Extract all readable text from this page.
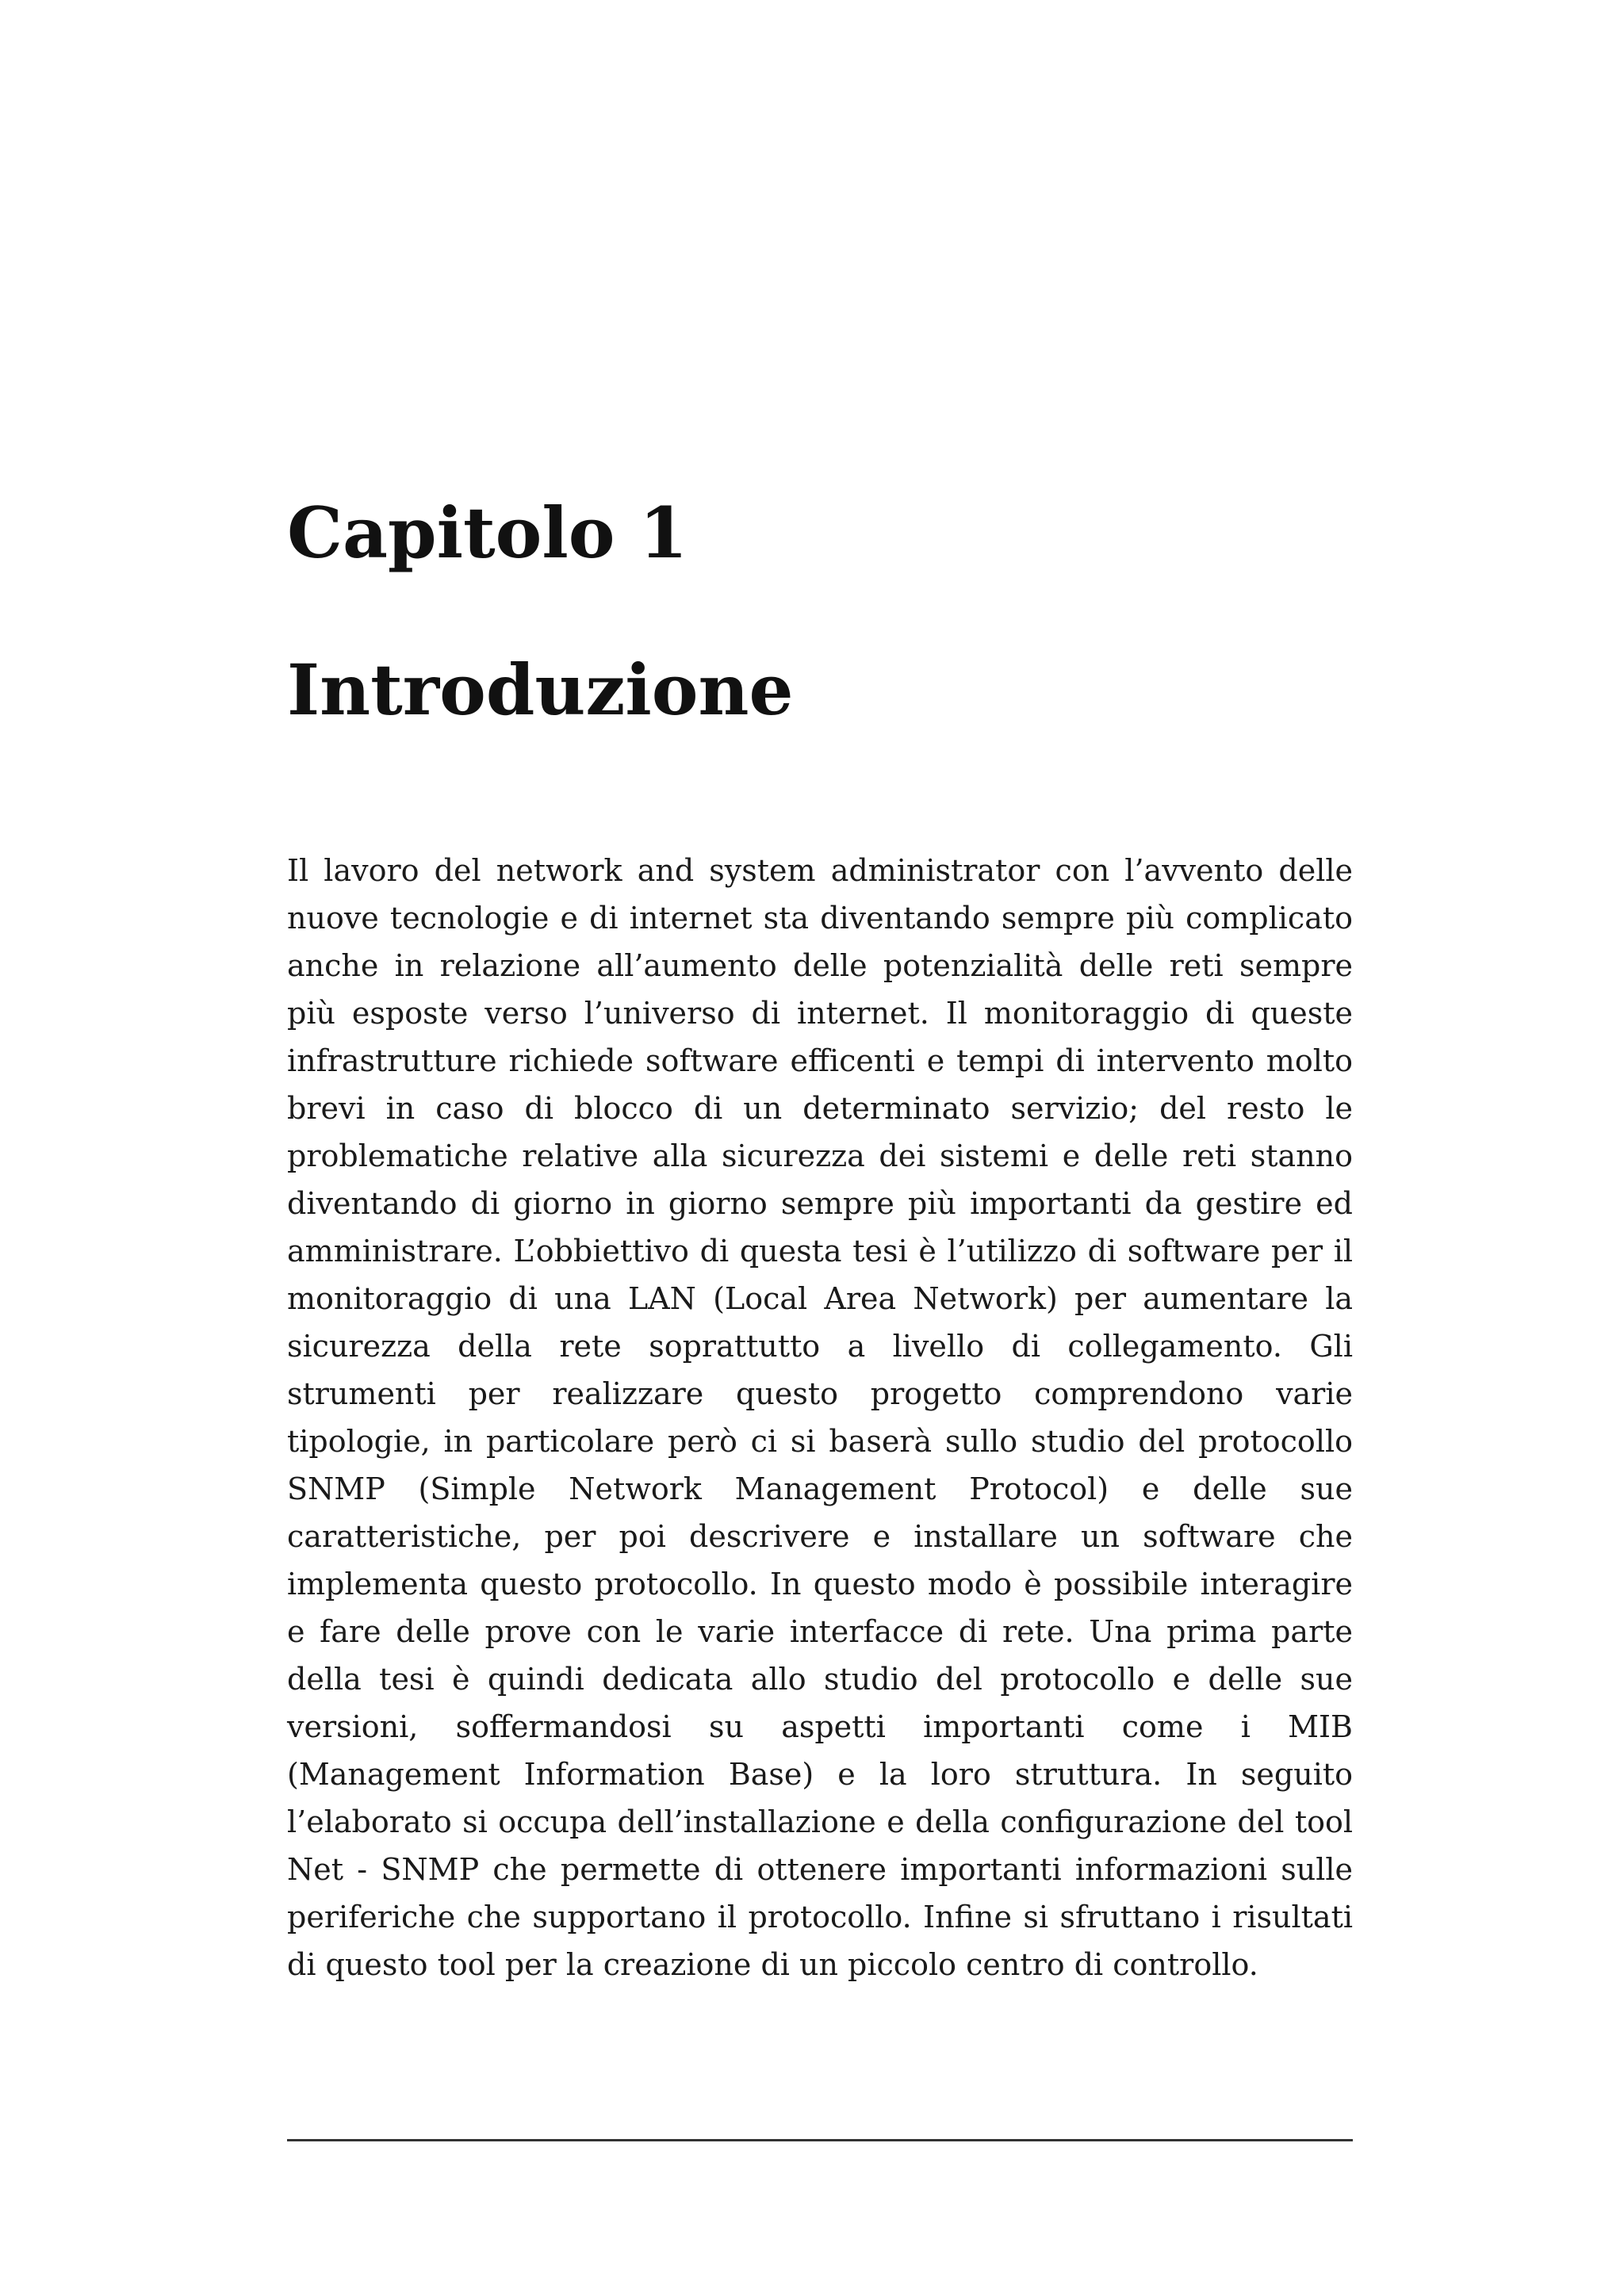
Capitolo 1
Introduzione

Il lavoro del network and system administrator con l’avvento delle nuove tecnologie e di internet sta diventando sempre più complicato anche in relazione all’aumento delle potenzialità delle reti sempre più esposte verso l’universo di internet. Il monitoraggio di queste infrastrutture richiede software efficenti e tempi di intervento molto brevi in caso di blocco di un determinato servizio; del resto le problematiche relative alla sicurezza dei sistemi e delle reti stanno diventando di giorno in giorno sempre più importanti da gestire ed amministrare. L’obbiettivo di questa tesi è l’utilizzo di software per il monitoraggio di una LAN (Local Area Network) per aumentare la sicurezza della rete soprattutto a livello di collegamento. Gli strumenti per realizzare questo progetto comprendono varie tipologie, in particolare però ci si baserà sullo studio del protocollo SNMP (Simple Network Management Protocol) e delle sue caratteristiche, per poi descrivere e installare un software che implementa questo protocollo. In questo modo è possibile interagire e fare delle prove con le varie interfacce di rete. Una prima parte della tesi è quindi dedicata allo studio del protocollo e delle sue versioni, soffermandosi su aspetti importanti come i MIB (Management Information Base) e la loro struttura. In seguito l’elaborato si occupa dell’installazione e della configurazione del tool Net - SNMP che permette di ottenere importanti informazioni sulle periferiche che supportano il protocollo. Infine si sfruttano i risultati di questo tool per la creazione di un piccolo centro di controllo.
